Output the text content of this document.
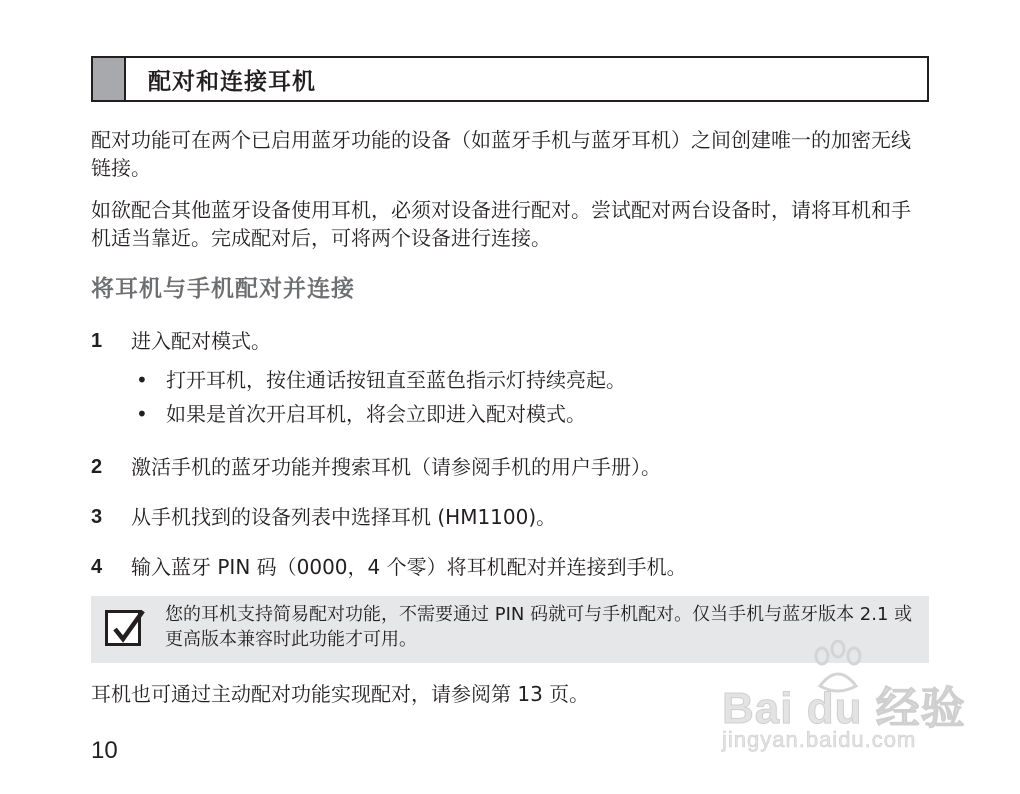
配对和连接耳机
配对功能可在两个已启用蓝牙功能的设备（如蓝牙手机与蓝牙耳机）之间创建唯一的加密无线链接。
如欲配合其他蓝牙设备使用耳机，必须对设备进行配对。尝试配对两台设备时，请将耳机和手机适当靠近。完成配对后，可将两个设备进行连接。
将耳机与手机配对并连接
1	进入配对模式。
• 打开耳机，按住通话按钮直至蓝色指示灯持续亮起。
• 如果是首次开启耳机，将会立即进入配对模式。
2	激活手机的蓝牙功能并搜索耳机（请参阅手机的用户手册）。
3	从手机找到的设备列表中选择耳机 (HM1100)。
4	输入蓝牙 PIN 码（0000，4 个零）将耳机配对并连接到手机。
您的耳机支持简易配对功能，不需要通过 PIN 码就可与手机配对。仅当手机与蓝牙版本 2.1 或更高版本兼容时此功能才可用。
耳机也可通过主动配对功能实现配对，请参阅第 13 页。
10
Bai du 经验
jingyan.baidu.com
